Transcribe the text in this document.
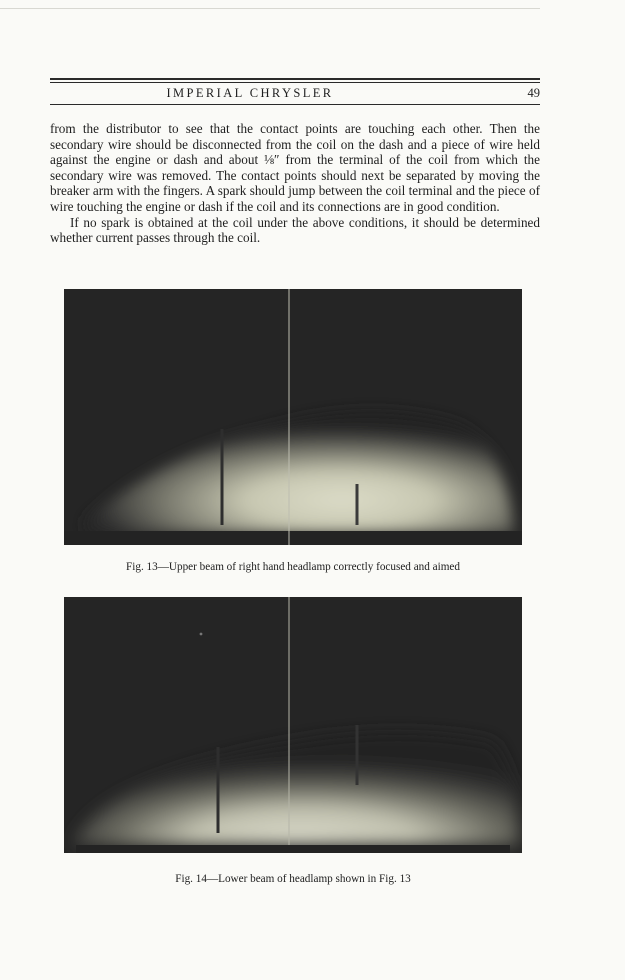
IMPERIAL CHRYSLER	49

from the distributor to see that the contact points are touching each other. Then the secondary wire should be disconnected from the coil on the dash and a piece of wire held against the engine or dash and about ⅛″ from the terminal of the coil from which the secondary wire was removed. The contact points should next be separated by moving the breaker arm with the fingers. A spark should jump between the coil terminal and the piece of wire touching the engine or dash if the coil and its connections are in good condition.

If no spark is obtained at the coil under the above conditions, it should be determined whether current passes through the coil.

Fig. 13—Upper beam of right hand headlamp correctly focused and aimed
Fig. 14—Lower beam of headlamp shown in Fig. 13
